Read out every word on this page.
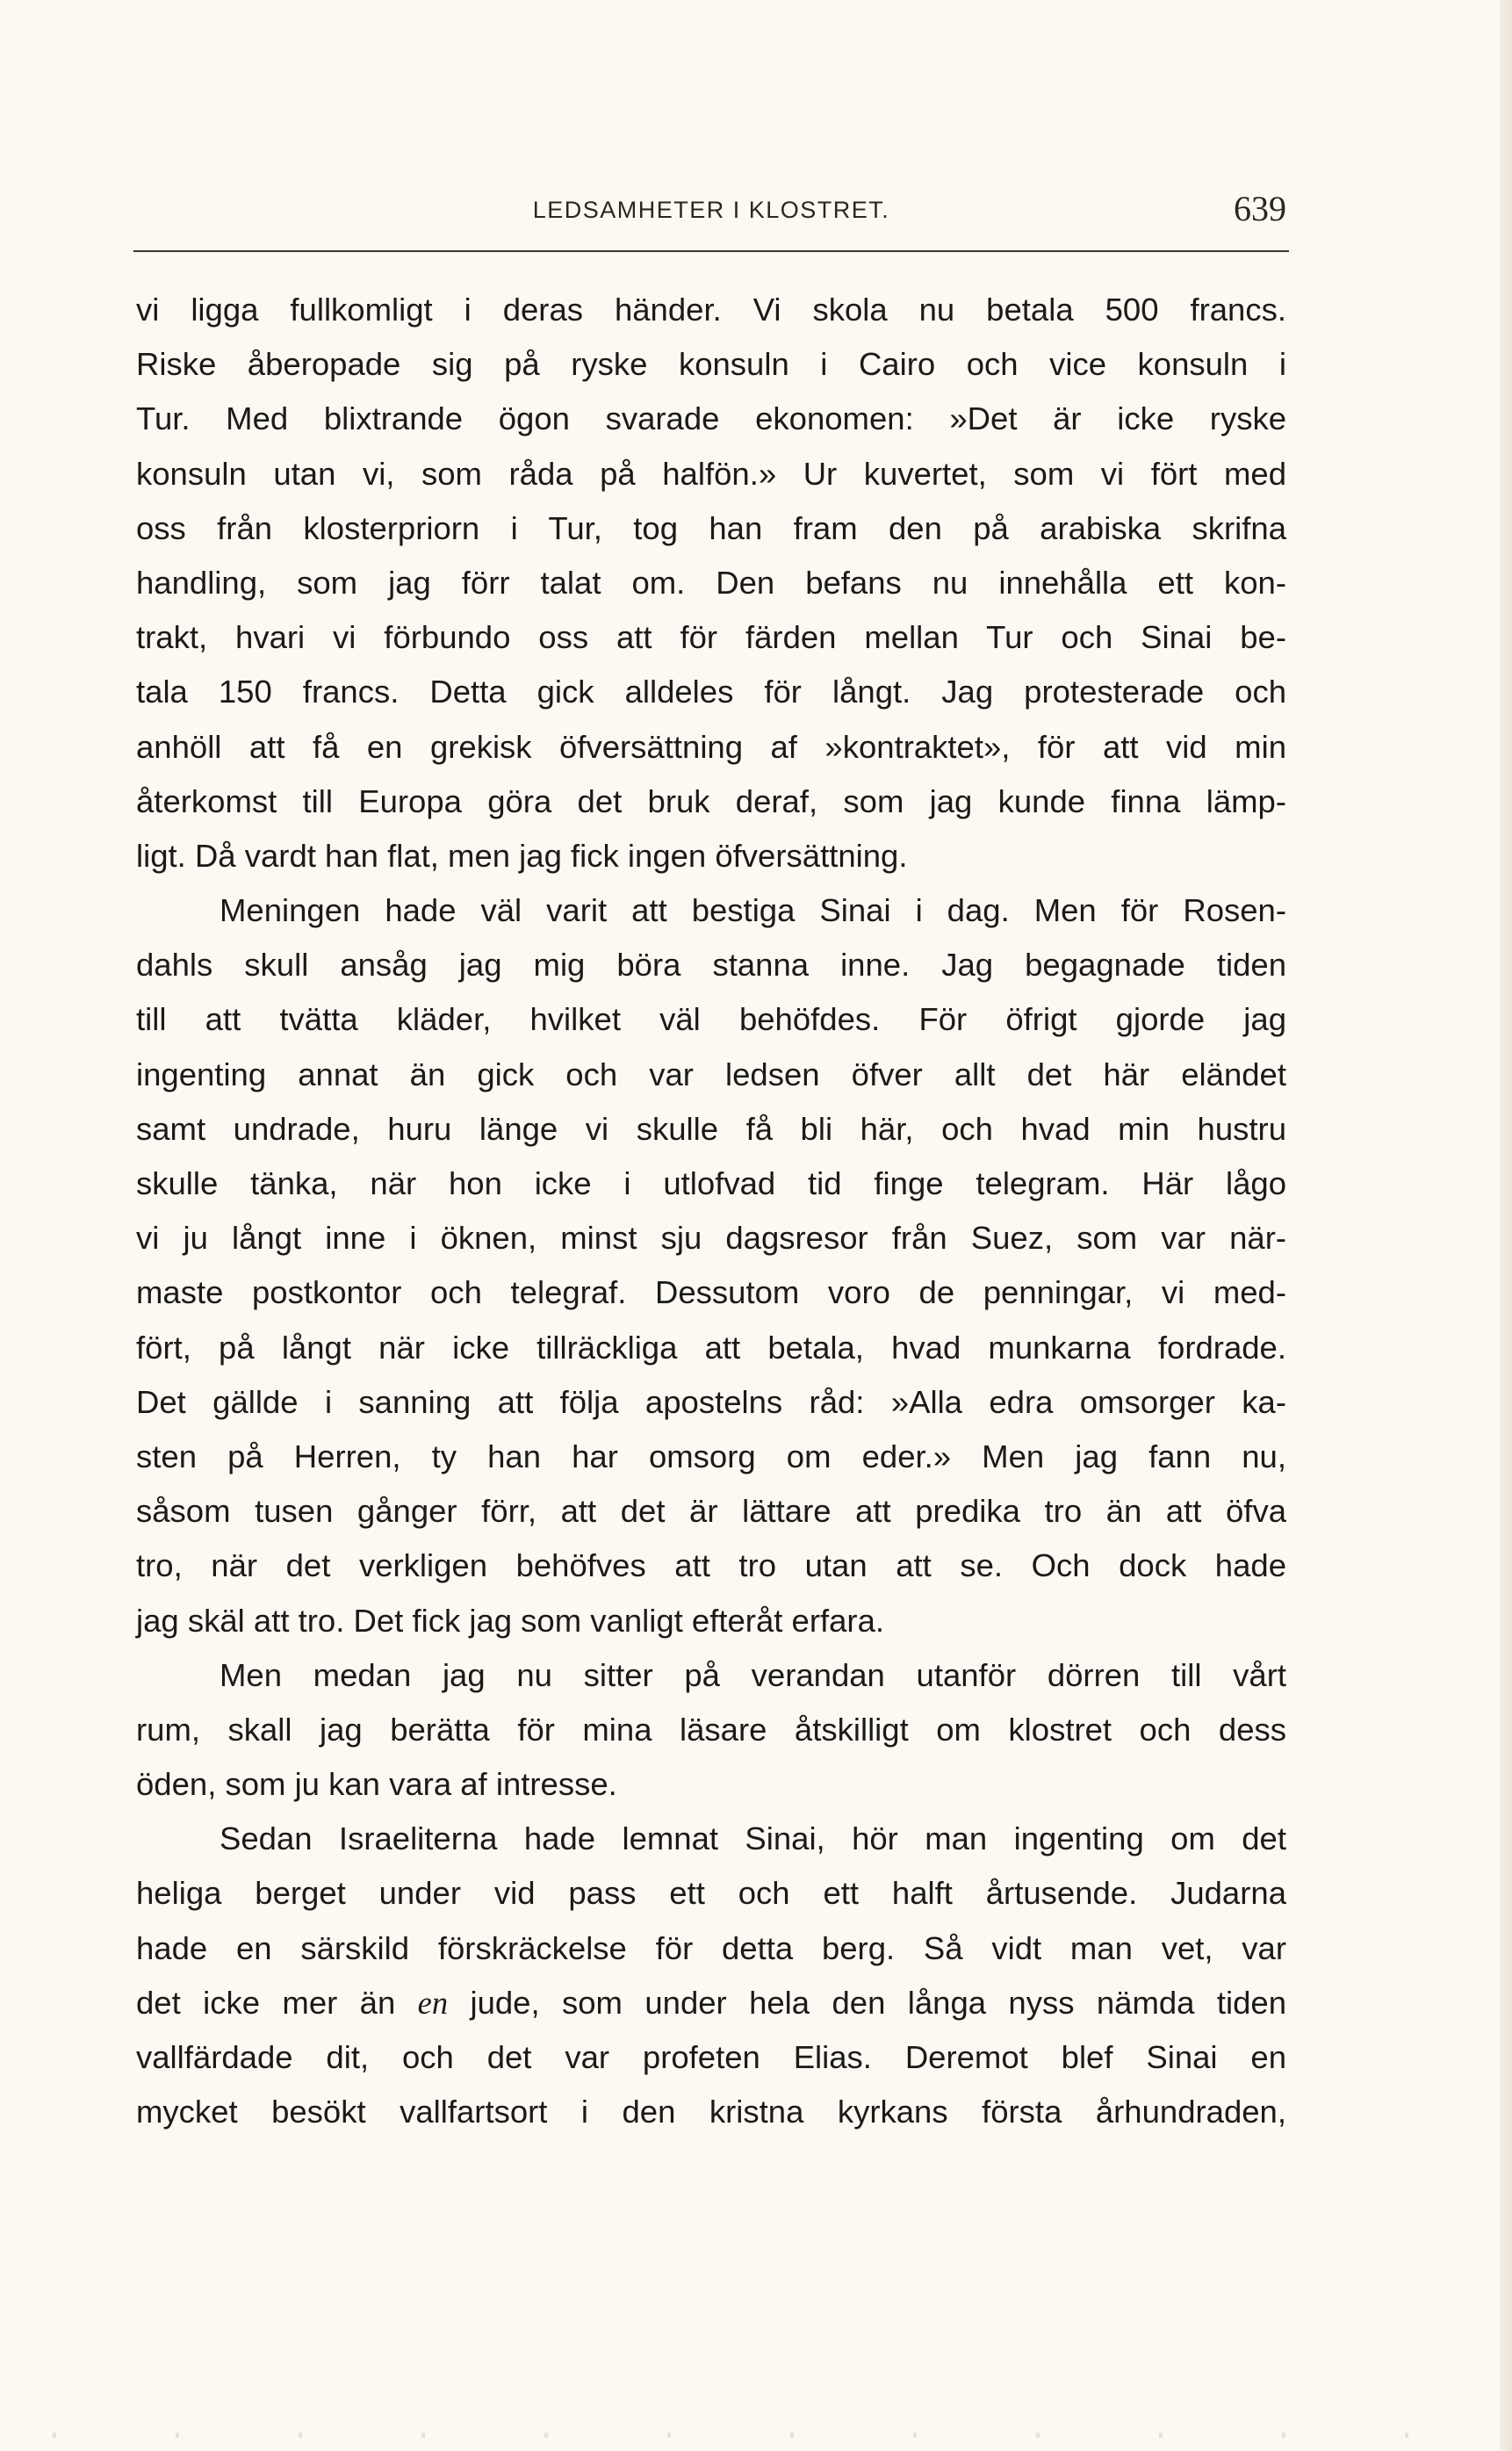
LEDSAMHETER I KLOSTRET.	639
vi ligga fullkomligt i deras händer. Vi skola nu betala 500 francs.
Riske åberopade sig på ryske konsuln i Cairo och vice konsuln i
Tur. Med blixtrande ögon svarade ekonomen: »Det är icke ryske
konsuln utan vi, som råda på halfön.» Ur kuvertet, som vi fört med
oss från klosterpriorn i Tur, tog han fram den på arabiska skrifna
handling, som jag förr talat om. Den befans nu innehålla ett kon-
trakt, hvari vi förbundo oss att för färden mellan Tur och Sinai be-
tala 150 francs. Detta gick alldeles för långt. Jag protesterade och
anhöll att få en grekisk öfversättning af »kontraktet», för att vid min
återkomst till Europa göra det bruk deraf, som jag kunde finna lämp-
ligt. Då vardt han flat, men jag fick ingen öfversättning.
Meningen hade väl varit att bestiga Sinai i dag. Men för Rosen-
dahls skull ansåg jag mig böra stanna inne. Jag begagnade tiden
till att tvätta kläder, hvilket väl behöfdes. För öfrigt gjorde jag
ingenting annat än gick och var ledsen öfver allt det här eländet
samt undrade, huru länge vi skulle få bli här, och hvad min hustru
skulle tänka, när hon icke i utlofvad tid finge telegram. Här lågo
vi ju långt inne i öknen, minst sju dagsresor från Suez, som var när-
maste postkontor och telegraf. Dessutom voro de penningar, vi med-
fört, på långt när icke tillräckliga att betala, hvad munkarna fordrade.
Det gällde i sanning att följa apostelns råd: »Alla edra omsorger ka-
sten på Herren, ty han har omsorg om eder.» Men jag fann nu,
såsom tusen gånger förr, att det är lättare att predika tro än att öfva
tro, när det verkligen behöfves att tro utan att se. Och dock hade
jag skäl att tro. Det fick jag som vanligt efteråt erfara.
Men medan jag nu sitter på verandan utanför dörren till vårt
rum, skall jag berätta för mina läsare åtskilligt om klostret och dess
öden, som ju kan vara af intresse.
Sedan Israeliterna hade lemnat Sinai, hör man ingenting om det
heliga berget under vid pass ett och ett halft årtusende. Judarna
hade en särskild förskräckelse för detta berg. Så vidt man vet, var
det icke mer än en jude, som under hela den långa nyss nämda tiden
vallfärdade dit, och det var profeten Elias. Deremot blef Sinai en
mycket besökt vallfartsort i den kristna kyrkans första århundraden,
